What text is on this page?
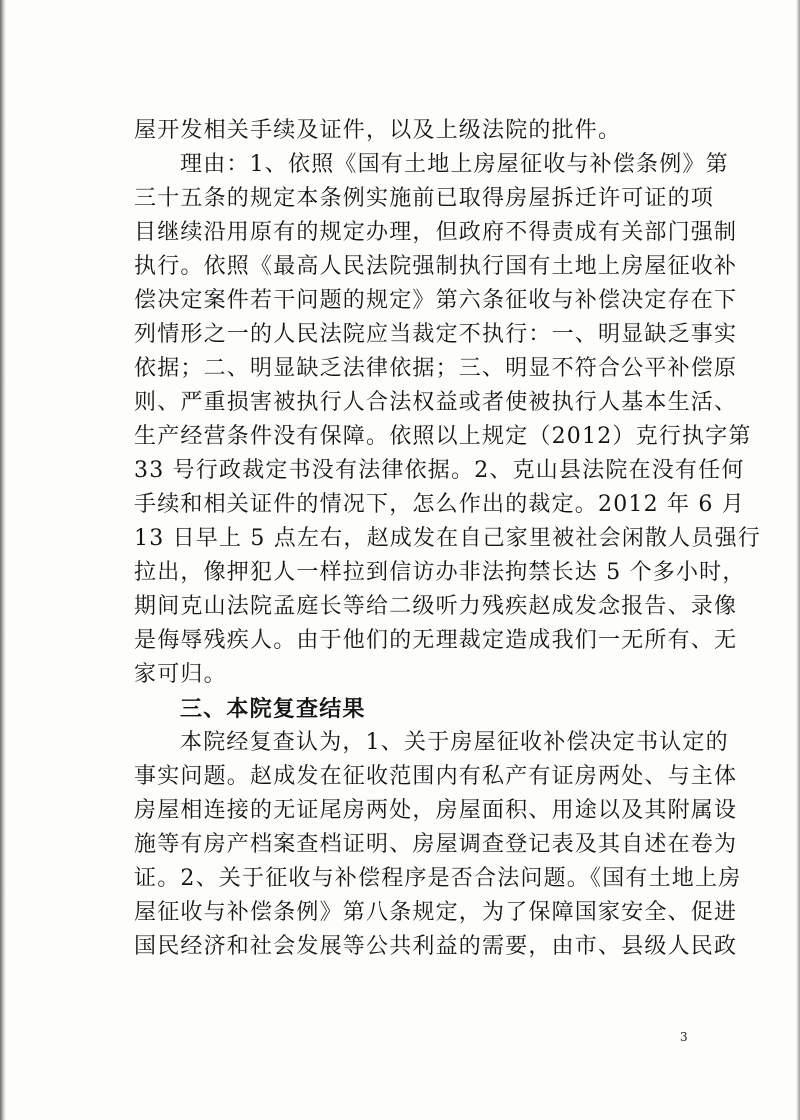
屋开发相关手续及证件，以及上级法院的批件。
理由：1、依照《国有土地上房屋征收与补偿条例》第
三十五条的规定本条例实施前已取得房屋拆迁许可证的项
目继续沿用原有的规定办理，但政府不得责成有关部门强制
执行。依照《最高人民法院强制执行国有土地上房屋征收补
偿决定案件若干问题的规定》第六条征收与补偿决定存在下
列情形之一的人民法院应当裁定不执行：一、明显缺乏事实
依据；二、明显缺乏法律依据；三、明显不符合公平补偿原
则、严重损害被执行人合法权益或者使被执行人基本生活、
生产经营条件没有保障。依照以上规定（2012）克行执字第
33 号行政裁定书没有法律依据。2、克山县法院在没有任何
手续和相关证件的情况下，怎么作出的裁定。2012 年 6 月
13 日早上 5 点左右，赵成发在自己家里被社会闲散人员强行
拉出，像押犯人一样拉到信访办非法拘禁长达 5 个多小时，
期间克山法院孟庭长等给二级听力残疾赵成发念报告、录像
是侮辱残疾人。由于他们的无理裁定造成我们一无所有、无
家可归。
三、本院复查结果
本院经复查认为，1、关于房屋征收补偿决定书认定的
事实问题。赵成发在征收范围内有私产有证房两处、与主体
房屋相连接的无证尾房两处，房屋面积、用途以及其附属设
施等有房产档案查档证明、房屋调查登记表及其自述在卷为
证。2、关于征收与补偿程序是否合法问题。《国有土地上房
屋征收与补偿条例》第八条规定，为了保障国家安全、促进
国民经济和社会发展等公共利益的需要，由市、县级人民政
3
